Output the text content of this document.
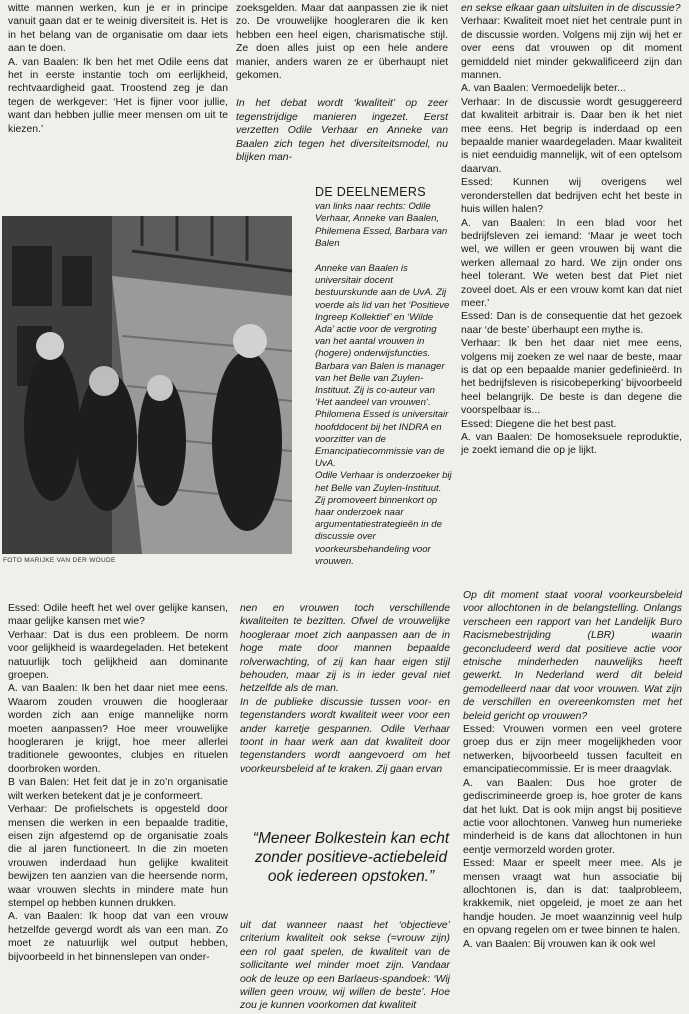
witte mannen werken, kun je er in principe vanuit gaan dat er te weinig diversiteit is. Het is in het belang van de organisatie om daar iets aan te doen.

A. van Baalen: Ik ben het met Odile eens dat het in eerste instantie toch om eerlijkheid, rechtvaardigheid gaat. Troostend zeg je dan tegen de werkgever: ‘Het is fijner voor jullie, want dan hebben jullie meer mensen om uit te kiezen.’

zoeksgelden. Maar dat aanpassen zie ik niet zo. De vrouwelijke hoogleraren die ik ken hebben een heel eigen, charismatische stijl. Ze doen alles juist op een hele andere manier, anders waren ze er überhaupt niet gekomen.

In het debat wordt ‘kwaliteit’ op zeer tegenstrijdige manieren ingezet. Eerst verzetten Odile Verhaar en Anneke van Baalen zich tegen het diversiteitsmodel, nu blijken man-

en sekse elkaar gaan uitsluiten in de discussie?

Verhaar: Kwaliteit moet niet het centrale punt in de discussie worden. Volgens mij zijn wij het er over eens dat vrouwen op dit moment gemiddeld niet minder gekwalificeerd zijn dan mannen.

A. van Baalen: Vermoedelijk beter...

Verhaar: In de discussie wordt gesuggereerd dat kwaliteit arbitrair is. Daar ben ik het niet mee eens. Het begrip is inderdaad op een bepaalde manier waardegeladen. Maar kwaliteit is niet eenduidig mannelijk, wit of een optelsom daarvan.

Essed: Kunnen wij overigens wel veronderstellen dat bedrijven echt het beste in huis willen halen?

A. van Baalen: In een blad voor het bedrijfsleven zei iemand: ‘Maar je weet toch wel, we willen er geen vrouwen bij want die werken allemaal zo hard. We zijn onder ons heel tolerant. We weten best dat Piet niet zoveel doet. Als er een vrouw komt kan dat niet meer.’

Essed: Dan is de consequentie dat het gezoek naar ‘de beste’ überhaupt een mythe is.

Verhaar: Ik ben het daar niet mee eens, volgens mij zoeken ze wel naar de beste, maar is dat op een bepaalde manier gedefinieërd. In het bedrijfsleven is risicobeperking’ bijvoorbeeld heel belangrijk. De beste is dan degene die voorspelbaar is...

Essed: Diegene die het best past.

A. van Baalen: De homoseksuele reproduktie, je zoekt iemand die op je lijkt.

FOTO MARIJKE VAN DER WOUDE
DE DEELNEMERS

van links naar rechts: Odile Verhaar, Anneke van Baalen, Philemena Essed, Barbara van Balen

Anneke van Baalen is universitair docent bestuurskunde aan de UvA. Zij voerde als lid van het ‘Positieve Ingreep Kollektief’ en ‘Wilde Ada’ actie voor de vergroting van het aantal vrouwen in (hogere) onderwijsfuncties.

Barbara van Balen is manager van het Belle van Zuylen-Instituut. Zij is co-auteur van ‘Het aandeel van vrouwen’.

Philomena Essed is universitair hoofddocent bij het INDRA en voorzitter van de Emancipatiecommissie van de UvA.

Odile Verhaar is onderzoeker bij het Belle van Zuylen-Instituut. Zij promoveert binnenkort op haar onderzoek naar argumentatiestrategieën in de discussie over voorkeursbehandeling voor vrouwen.

Essed: Odile heeft het wel over gelijke kansen, maar gelijke kansen met wie?

Verhaar: Dat is dus een probleem. De norm voor gelijkheid is waardegeladen. Het betekent natuurlijk toch gelijkheid aan dominante groepen.

A. van Baalen: Ik ben het daar niet mee eens. Waarom zouden vrouwen die hoogleraar worden zich aan enige mannelijke norm moeten aanpassen? Hoe meer vrouwelijke hoogleraren je krijgt, hoe meer allerlei traditionele gewoontes, clubjes en rituelen doorbroken worden.

B van Balen: Het feit dat je in zo’n organisatie wilt werken betekent dat je je conformeert.

Verhaar: De profielschets is opgesteld door mensen die werken in een bepaalde traditie, eisen zijn afgestemd op de organisatie zoals die al jaren functioneert. In die zin moeten vrouwen inderdaad hun gelijke kwaliteit bewijzen ten aanzien van die heersende norm, waar vrouwen slechts in mindere mate hun stempel op hebben kunnen drukken.

A. van Baalen: Ik hoop dat van een vrouw hetzelfde gevergd wordt als van een man. Zo moet ze natuurlijk wel output hebben, bijvoorbeeld in het binnenslepen van onder-

nen en vrouwen toch verschillende kwaliteiten te bezitten. Ofwel de vrouwelijke hoogleraar moet zich aanpassen aan de in hoge mate door mannen bepaalde rolverwachting, of zij kan haar eigen stijl behouden, maar zij is in ieder geval niet hetzelfde als de man.

In de publieke discussie tussen voor- en tegenstanders wordt kwaliteit weer voor een ander karretje gespannen. Odile Verhaar toont in haar werk aan dat kwaliteit door tegenstanders wordt aangevoerd om het voorkeursbeleid af te kraken. Zij gaan ervan

“Meneer Bolkestein kan echt zonder positieve-actiebeleid ook iedereen opstoken.”

uit dat wanneer naast het ‘objectieve’ criterium kwaliteit ook sekse (=vrouw zijn) een rol gaat spelen, de kwaliteit van de sollicitante wel minder moet zijn. Vandaar ook de leuze op een Barlaeus-spandoek: ‘Wij willen geen vrouw, wij willen de beste’. Hoe zou je kunnen voorkomen dat kwaliteit

Op dit moment staat vooral voorkeursbeleid voor allochtonen in de belangstelling. Onlangs verscheen een rapport van het Landelijk Buro Racismebestrijding (LBR) waarin geconcludeerd werd dat positieve actie voor etnische minderheden nauwelijks heeft gewerkt. In Nederland werd dit beleid gemodelleerd naar dat voor vrouwen. Wat zijn de verschillen en overeenkomsten met het beleid gericht op vrouwen?

Essed: Vrouwen vormen een veel grotere groep dus er zijn meer mogelijkheden voor netwerken, bijvoorbeeld tussen faculteit en emancipatiecommissie. Er is meer draagvlak.

A. van Baalen: Dus hoe groter de gediscrimineerde groep is, hoe groter de kans dat het lukt. Dat is ook mijn angst bij positieve actie voor allochtonen. Vanweg hun numerieke minderheid is de kans dat allochtonen in hun eentje vermorzeld worden groter.

Essed: Maar er speelt meer mee. Als je mensen vraagt wat hun associatie bij allochtonen is, dan is dat: taalprobleem, krakkemik, niet opgeleid, je moet ze aan het handje houden. Je moet waanzinnig veel hulp en opvang regelen om er twee binnen te halen.

A. van Baalen: Bij vrouwen kan ik ook wel
